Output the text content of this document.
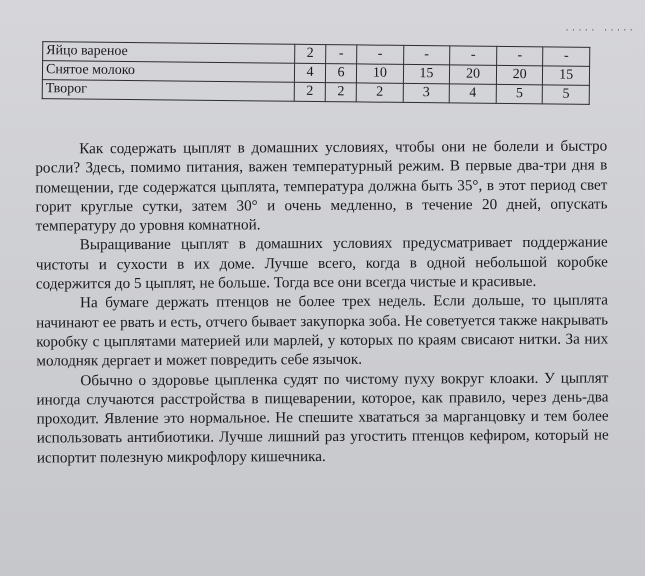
····· ·····
Яйцо вареное	2	-	-	-	-	-	-
Снятое молоко	4	6	10	15	20	20	15
Творог	2	2	2	3	4	5	5

Как содержать цыплят в домашних условиях, чтобы они не болели и быстро росли? Здесь, помимо питания, важен температурный режим. В первые два-три дня в помещении, где содержатся цыплята, температура должна быть 35°, в этот период свет горит круглые сутки, затем 30° и очень медленно, в течение 20 дней, опускать температуру до уровня комнатной.

Выращивание цыплят в домашних условиях предусматривает поддержание чистоты и сухости в их доме. Лучше всего, когда в одной небольшой коробке содержится до 5 цыплят, не больше. Тогда все они всегда чистые и красивые.

На бумаге держать птенцов не более трех недель. Если дольше, то цыплята начинают ее рвать и есть, отчего бывает закупорка зоба. Не советуется также накрывать коробку с цыплятами материей или марлей, у которых по краям свисают нитки. За них молодняк дергает и может повредить себе язычок.

Обычно о здоровье цыпленка судят по чистому пуху вокруг клоаки. У цыплят иногда случаются расстройства в пищеварении, которое, как правило, через день-два проходит. Явление это нормальное. Не спешите хвататься за марганцовку и тем более использовать антибиотики. Лучше лишний раз угостить птенцов кефиром, который не испортит полезную микрофлору кишечника.
